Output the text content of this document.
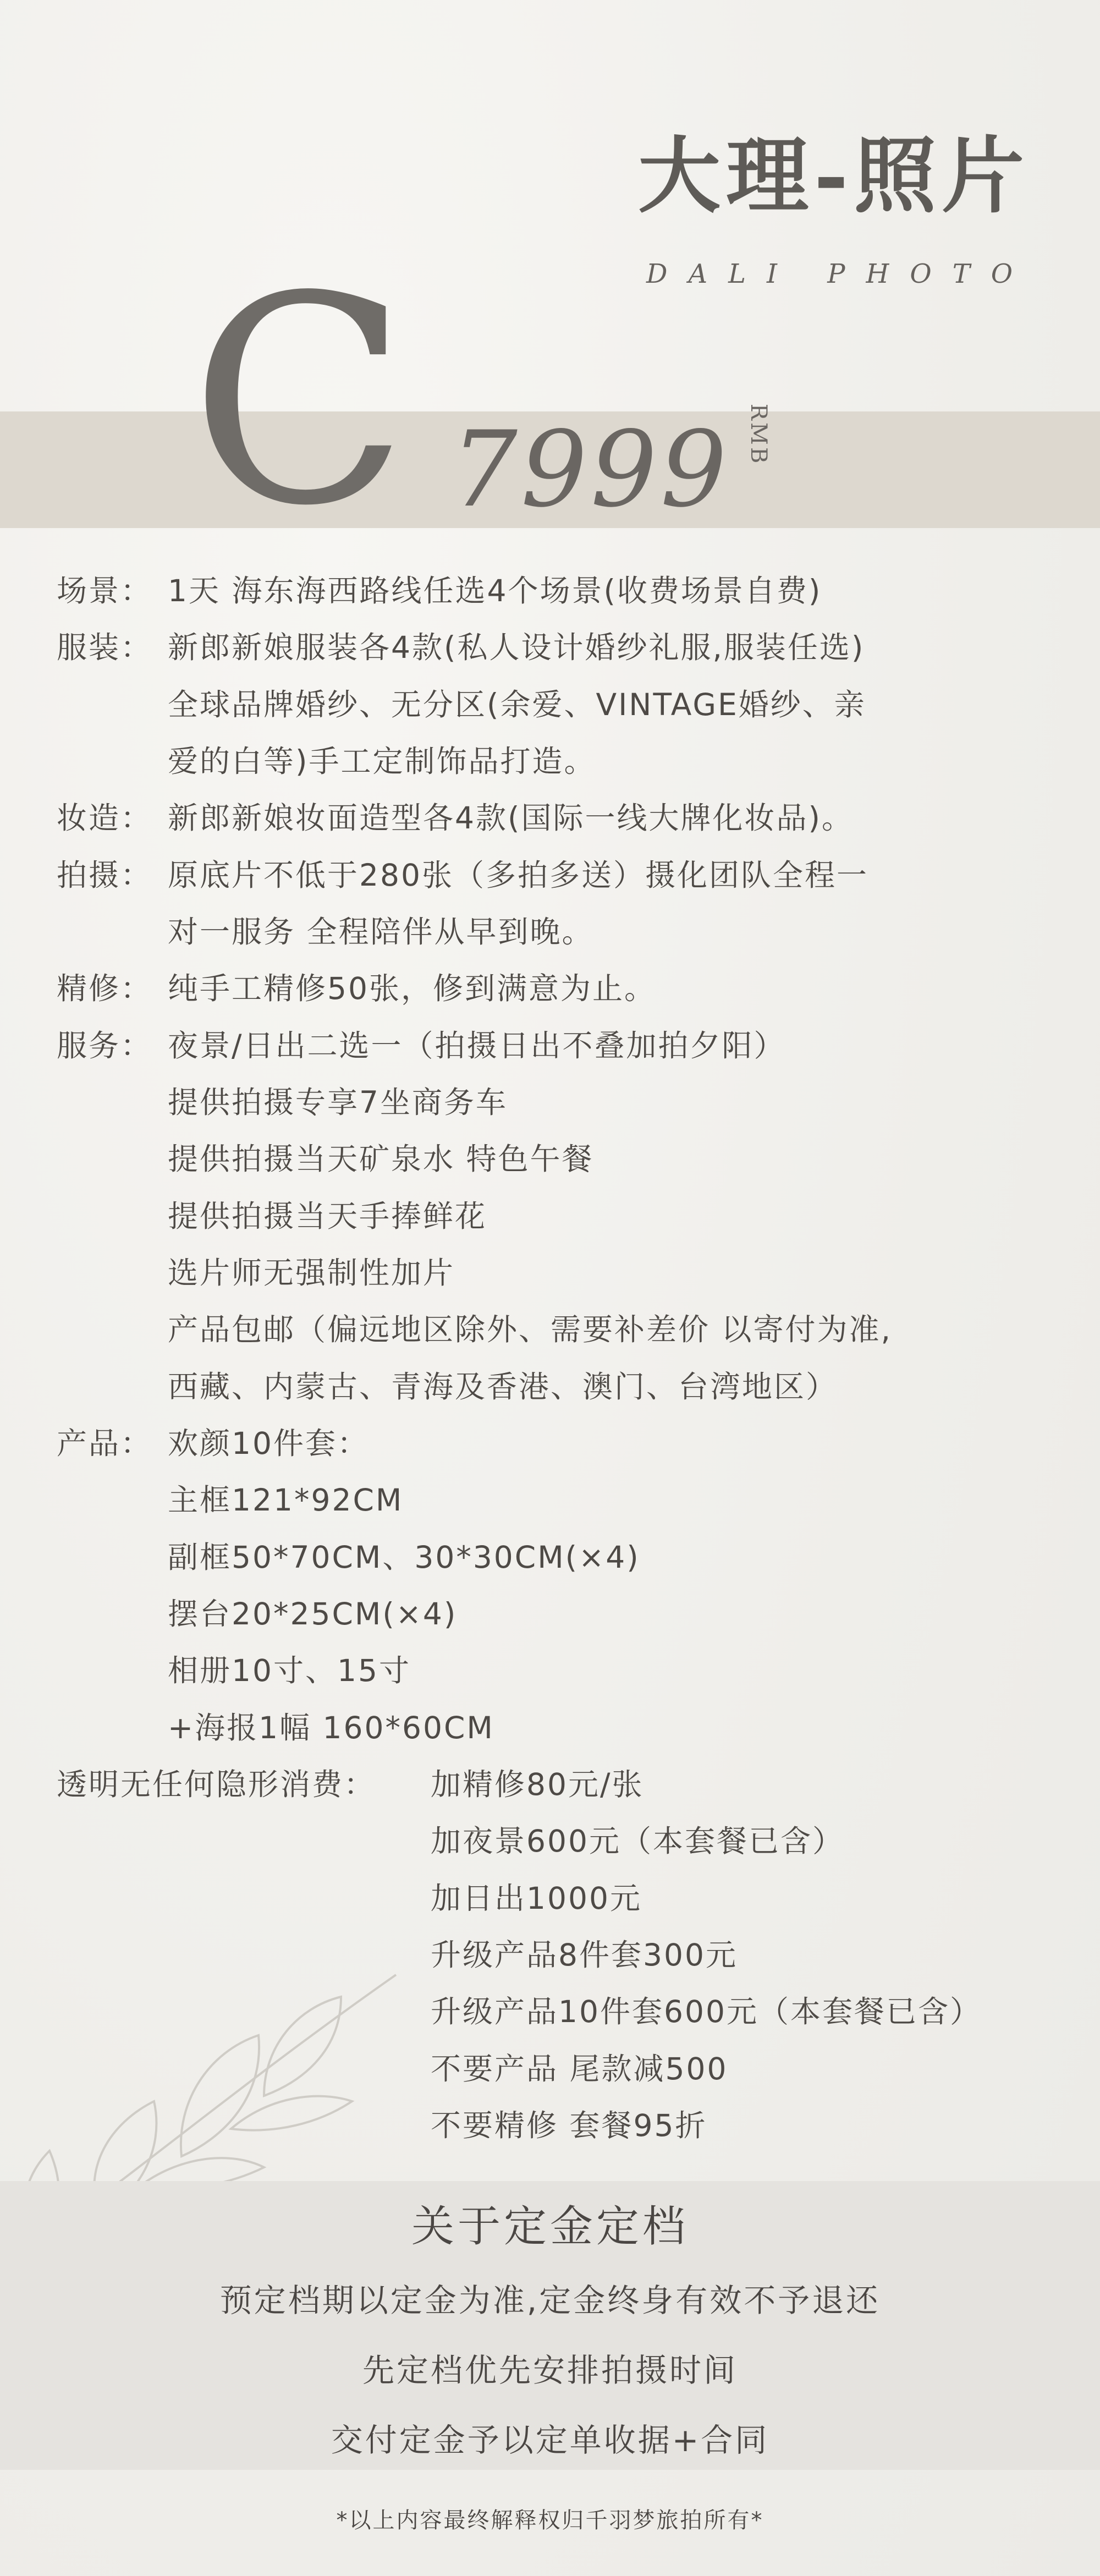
大理-照片
DALI PHOTO
C 7999 RMB
场景： 1天 海东海西路线任选4个场景(收费场景自费)
服装： 新郎新娘服装各4款(私人设计婚纱礼服,服装任选)
全球品牌婚纱、无分区(余爱、VINTAGE婚纱、亲
爱的白等)手工定制饰品打造。
妆造： 新郎新娘妆面造型各4款(国际一线大牌化妆品)。
拍摄： 原底片不低于280张（多拍多送）摄化团队全程一
对一服务 全程陪伴从早到晚。
精修： 纯手工精修50张，修到满意为止。
服务： 夜景/日出二选一（拍摄日出不叠加拍夕阳）
提供拍摄专享7坐商务车
提供拍摄当天矿泉水 特色午餐
提供拍摄当天手捧鲜花
选片师无强制性加片
产品包邮（偏远地区除外、需要补差价 以寄付为准,
西藏、内蒙古、青海及香港、澳门、台湾地区）
产品： 欢颜10件套：
主框121*92CM
副框50*70CM、30*30CM(×4)
摆台20*25CM(×4)
相册10寸、15寸
+海报1幅 160*60CM
透明无任何隐形消费： 加精修80元/张
加夜景600元（本套餐已含）
加日出1000元
升级产品8件套300元
升级产品10件套600元（本套餐已含）
不要产品 尾款减500
不要精修 套餐95折
关于定金定档
预定档期以定金为准,定金终身有效不予退还
先定档优先安排拍摄时间
交付定金予以定单收据+合同
*以上内容最终解释权归千羽梦旅拍所有*
